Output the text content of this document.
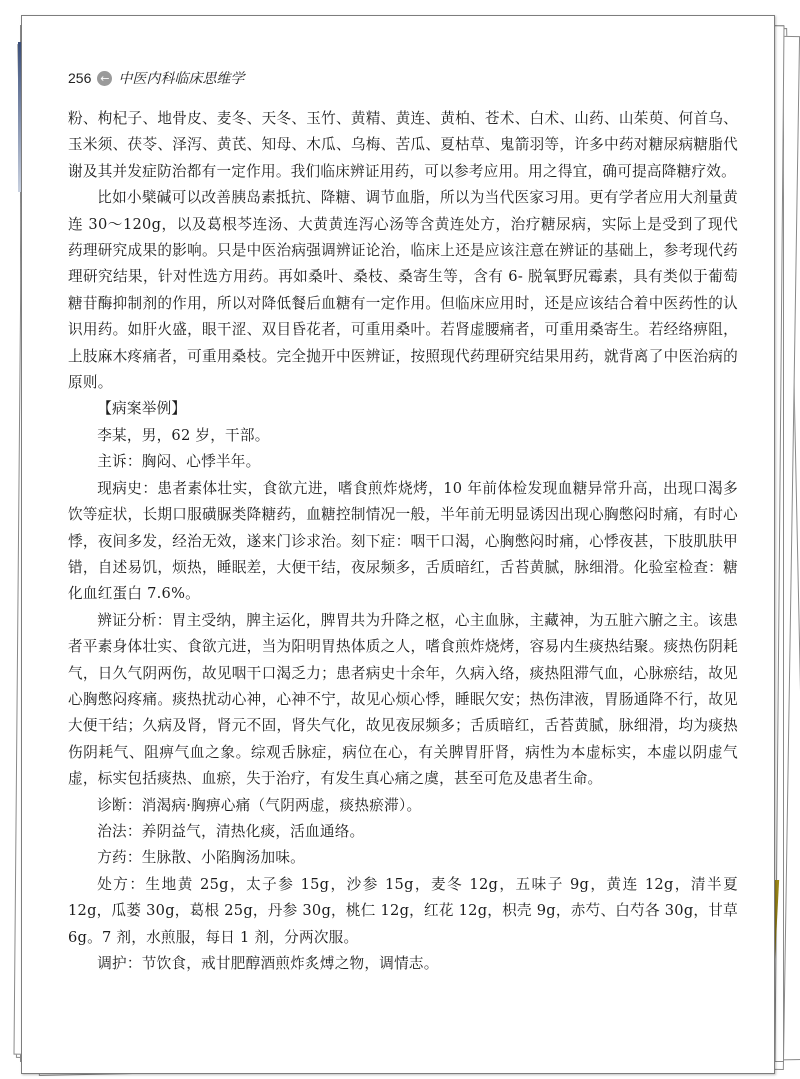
256 ← 中医内科临床思维学

粉、枸杞子、地骨皮、麦冬、天冬、玉竹、黄精、黄连、黄柏、苍术、白术、山药、山茱萸、何首乌、玉米须、茯苓、泽泻、黄芪、知母、木瓜、乌梅、苦瓜、夏枯草、鬼箭羽等，许多中药对糖尿病糖脂代谢及其并发症防治都有一定作用。我们临床辨证用药，可以参考应用。用之得宜，确可提高降糖疗效。

比如小檗碱可以改善胰岛素抵抗、降糖、调节血脂，所以为当代医家习用。更有学者应用大剂量黄连 30～120g，以及葛根芩连汤、大黄黄连泻心汤等含黄连处方，治疗糖尿病，实际上是受到了现代药理研究成果的影响。只是中医治病强调辨证论治，临床上还是应该注意在辨证的基础上，参考现代药理研究结果，针对性选方用药。再如桑叶、桑枝、桑寄生等，含有 6- 脱氧野尻霉素，具有类似于葡萄糖苷酶抑制剂的作用，所以对降低餐后血糖有一定作用。但临床应用时，还是应该结合着中医药性的认识用药。如肝火盛，眼干涩、双目昏花者，可重用桑叶。若肾虚腰痛者，可重用桑寄生。若经络痹阻，上肢麻木疼痛者，可重用桑枝。完全抛开中医辨证，按照现代药理研究结果用药，就背离了中医治病的原则。

【病案举例】

李某，男，62 岁，干部。

主诉：胸闷、心悸半年。

现病史：患者素体壮实，食欲亢进，嗜食煎炸烧烤，10 年前体检发现血糖异常升高，出现口渴多饮等症状，长期口服磺脲类降糖药，血糖控制情况一般，半年前无明显诱因出现心胸憋闷时痛，有时心悸，夜间多发，经治无效，遂来门诊求治。刻下症：咽干口渴，心胸憋闷时痛，心悸夜甚，下肢肌肤甲错，自述易饥，烦热，睡眠差，大便干结，夜尿频多，舌质暗红，舌苔黄腻，脉细滑。化验室检查：糖化血红蛋白 7.6%。

辨证分析：胃主受纳，脾主运化，脾胃共为升降之枢，心主血脉，主藏神，为五脏六腑之主。该患者平素身体壮实、食欲亢进，当为阳明胃热体质之人，嗜食煎炸烧烤，容易内生痰热结聚。痰热伤阴耗气，日久气阴两伤，故见咽干口渴乏力；患者病史十余年，久病入络，痰热阻滞气血，心脉瘀结，故见心胸憋闷疼痛。痰热扰动心神，心神不宁，故见心烦心悸，睡眠欠安；热伤津液，胃肠通降不行，故见大便干结；久病及肾，肾元不固，肾失气化，故见夜尿频多；舌质暗红，舌苔黄腻，脉细滑，均为痰热伤阴耗气、阻痹气血之象。综观舌脉症，病位在心，有关脾胃肝肾，病性为本虚标实，本虚以阴虚气虚，标实包括痰热、血瘀，失于治疗，有发生真心痛之虞，甚至可危及患者生命。

诊断：消渴病·胸痹心痛（气阴两虚，痰热瘀滞）。

治法：养阴益气，清热化痰，活血通络。

方药：生脉散、小陷胸汤加味。

处方：生地黄 25g，太子参 15g，沙参 15g，麦冬 12g，五味子 9g，黄连 12g，清半夏 12g，瓜蒌 30g，葛根 25g，丹参 30g，桃仁 12g，红花 12g，枳壳 9g，赤芍、白芍各 30g，甘草 6g。7 剂，水煎服，每日 1 剂，分两次服。

调护：节饮食，戒甘肥醇酒煎炸炙煿之物，调情志。
